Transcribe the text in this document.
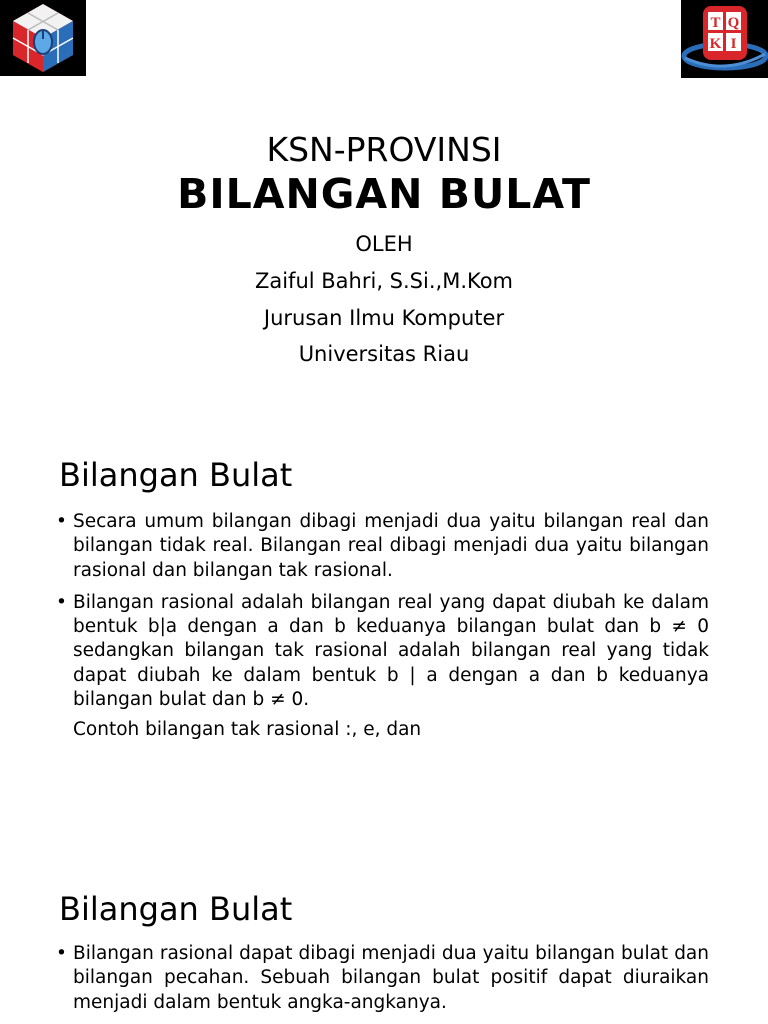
T Q
K I
KSN-PROVINSI
BILANGAN BULAT
OLEH
Zaiful Bahri, S.Si.,M.Kom
Jurusan Ilmu Komputer
Universitas Riau
Bilangan Bulat
• Secara umum bilangan dibagi menjadi dua yaitu bilangan real dan bilangan tidak real. Bilangan real dibagi menjadi dua yaitu bilangan rasional dan bilangan tak rasional.
• Bilangan rasional adalah bilangan real yang dapat diubah ke dalam bentuk b|a dengan a dan b keduanya bilangan bulat dan b ≠ 0 sedangkan bilangan tak rasional adalah bilangan real yang tidak dapat diubah ke dalam bentuk b | a dengan a dan b keduanya bilangan bulat dan b ≠ 0.
Contoh bilangan tak rasional :, e, dan
Bilangan Bulat
• Bilangan rasional dapat dibagi menjadi dua yaitu bilangan bulat dan bilangan pecahan. Sebuah bilangan bulat positif dapat diuraikan menjadi dalam bentuk angka-angkanya.
